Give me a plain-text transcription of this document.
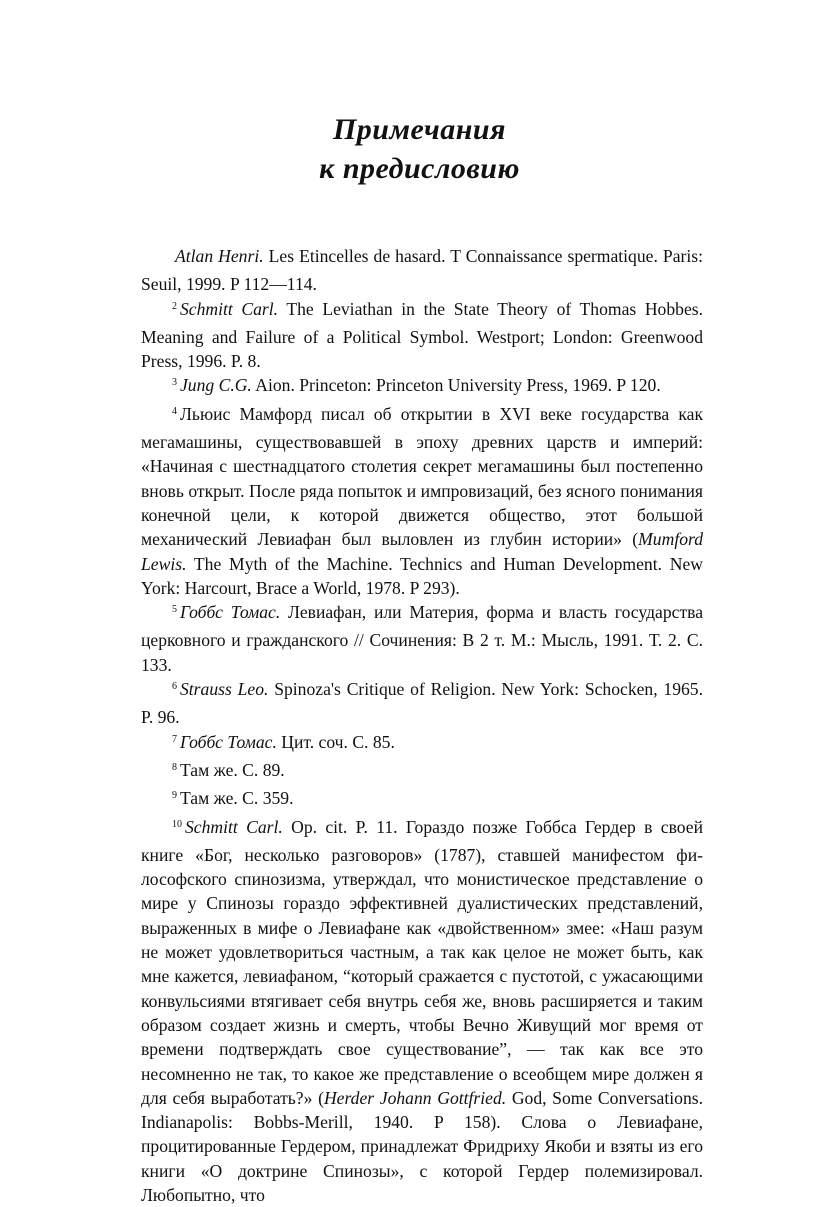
Примечания
к предисловию

Atlan Henri. Les Etincelles de hasard. T Connaissance spermatique. Paris: Seuil, 1999. P 112—114.

$^2$ Schmitt Carl. The Leviathan in the State Theory of Thomas Hobbes. Meaning and Failure of a Political Symbol. Westport; London: Greenwood Press, 1996. P. 8.

$^3$ Jung C.G. Aion. Princeton: Princeton University Press, 1969. P 120.

$^4$ Льюис Мамфорд писал об открытии в XVI веке государства как мегамашины, существовавшей в эпоху древних царств и империй: «Начиная с шестнадцатого столетия секрет мегамашины был постепенно вновь открыт. После ряда попыток и импровизаций, без ясного понимания конечной цели, к которой движется общество, этот большой механический Левиафан был выловлен из глубин истории» (Mumford Lewis. The Myth of the Machine. Technics and Human Development. New York: Harcourt, Brace a World, 1978. P 293).

$^5$ Гоббс Томас. Левиафан, или Материя, форма и власть государства церковного и гражданского // Сочинения: В 2 т. М.: Мысль, 1991. Т. 2. С. 133.

$^6$ Strauss Leo. Spinoza's Critique of Religion. New York: Schocken, 1965. P. 96.

$^7$ Гоббс Томас. Цит. соч. С. 85.

$^8$ Там же. С. 89.

$^9$ Там же. С. 359.

$^{10}$ Schmitt Carl. Op. cit. P. 11. Гораздо позже Гоббса Гердер в своей книге «Бог, несколько разговоров» (1787), ставшей манифестом философского спинозизма, утверждал, что монистическое представление о мире у Спинозы гораздо эффективней дуалистических представлений, выраженных в мифе о Левиафане как «двойственном» змее: «Наш разум не может удовлетвориться частным, а так как целое не может быть, как мне кажется, левиафаном, “который сражается с пустотой, с ужасающими конвульсиями втягивает себя внутрь себя же, вновь расширяется и таким образом создает жизнь и смерть, чтобы Вечно Живущий мог время от времени подтверждать свое существование”, — так как все это несомненно не так, то какое же представление о всеобщем мире должен я для себя выработать?» (Herder Johann Gottfried. God, Some Conversations. Indianapolis: Bobbs-Merill, 1940. P 158). Слова о Левиафане, процитированные Гердером, принадлежат Фридриху Якоби и взяты из его книги «О доктрине Спинозы», с которой Гердер полемизировал. Любопытно, что
